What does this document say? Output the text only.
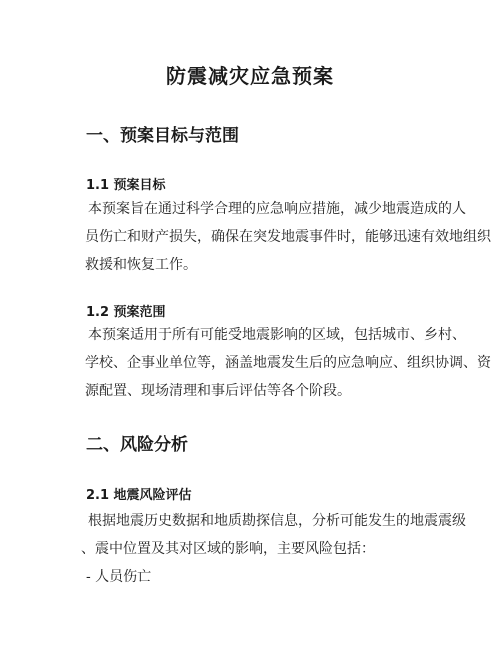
防震减灾应急预案
一、预案目标与范围
1.1 预案目标
本预案旨在通过科学合理的应急响应措施，减少地震造成的人
员伤亡和财产损失，确保在突发地震事件时，能够迅速有效地组织
救援和恢复工作。
1.2 预案范围
本预案适用于所有可能受地震影响的区域，包括城市、乡村、
学校、企事业单位等，涵盖地震发生后的应急响应、组织协调、资
源配置、现场清理和事后评估等各个阶段。
二、风险分析
2.1 地震风险评估
根据地震历史数据和地质勘探信息，分析可能发生的地震震级
、震中位置及其对区域的影响，主要风险包括：
- 人员伤亡
